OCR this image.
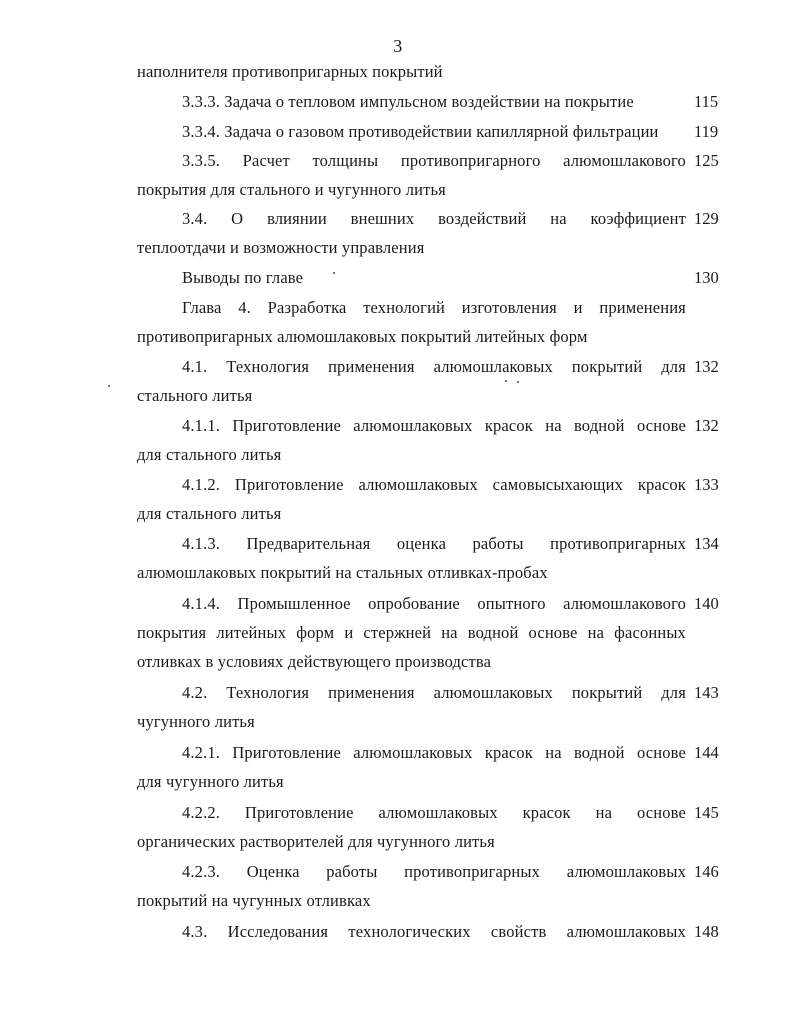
3
наполнителя противопригарных покрытий
3.3.3. Задача о тепловом импульсном воздействии на покрытие	115
3.3.4. Задача о газовом противодействии капиллярной фильтрации 119
3.3.5. Расчет толщины противопригарного алюмошлакового
покрытия для стального и чугунного литья
125
3.4. О влиянии внешних воздействий на коэффициент
теплоотдачи и возможности управления
129
Выводы по главе	130
Глава 4. Разработка технологий изготовления и применения
противопригарных алюмошлаковых покрытий литейных форм
4.1. Технология применения алюмошлаковых покрытий для
стального литья
132
4.1.1. Приготовление алюмошлаковых красок на водной основе
для стального литья
132
4.1.2. Приготовление алюмошлаковых самовысыхающих красок
для стального литья
133
4.1.3. Предварительная оценка работы противопригарных
алюмошлаковых покрытий на стальных отливках-пробах
134
4.1.4. Промышленное опробование опытного алюмошлакового
покрытия литейных форм и стержней на водной основе на фасонных
отливках в условиях действующего производства
140
4.2. Технология применения алюмошлаковых покрытий для
чугунного литья
143
4.2.1. Приготовление алюмошлаковых красок на водной основе
для чугунного литья
144
4.2.2. Приготовление алюмошлаковых красок на основе
органических растворителей для чугунного литья
145
4.2.3. Оценка работы противопригарных алюмошлаковых
покрытий на чугунных отливках
146
4.3. Исследования технологических свойств алюмошлаковых 148
